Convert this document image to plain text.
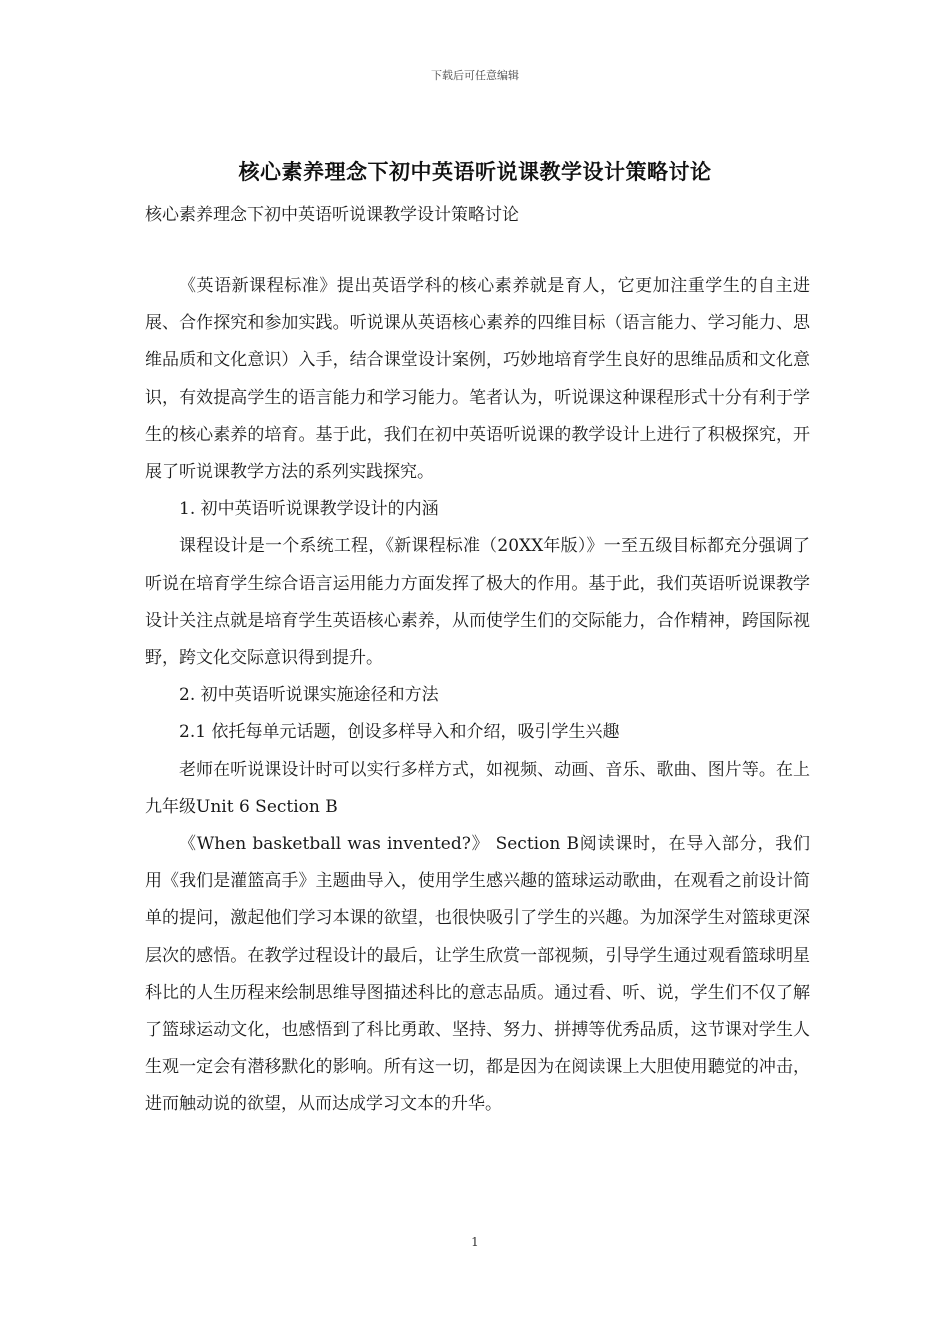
下载后可任意编辑
核心素养理念下初中英语听说课教学设计策略讨论
核心素养理念下初中英语听说课教学设计策略讨论

《英语新课程标准》提出英语学科的核心素养就是育人，它更加注重学生的自主进展、合作探究和参加实践。听说课从英语核心素养的四维目标（语言能力、学习能力、思维品质和文化意识）入手，结合课堂设计案例，巧妙地培育学生良好的思维品质和文化意识，有效提高学生的语言能力和学习能力。笔者认为，听说课这种课程形式十分有利于学生的核心素养的培育。基于此，我们在初中英语听说课的教学设计上进行了积极探究，开展了听说课教学方法的系列实践探究。

1. 初中英语听说课教学设计的内涵

课程设计是一个系统工程，《新课程标准（20XX年版）》一至五级目标都充分强调了听说在培育学生综合语言运用能力方面发挥了极大的作用。基于此，我们英语听说课教学设计关注点就是培育学生英语核心素养，从而使学生们的交际能力，合作精神，跨国际视野，跨文化交际意识得到提升。

2. 初中英语听说课实施途径和方法

2.1 依托每单元话题，创设多样导入和介绍，吸引学生兴趣

老师在听说课设计时可以实行多样方式，如视频、动画、音乐、歌曲、图片等。在上九年级Unit 6 Section B

《When basketball was invented?》 Section B阅读课时，在导入部分，我们用《我们是灌篮高手》主题曲导入，使用学生感兴趣的篮球运动歌曲，在观看之前设计简单的提问，激起他们学习本课的欲望，也很快吸引了学生的兴趣。为加深学生对篮球更深层次的感悟。在教学过程设计的最后，让学生欣赏一部视频，引导学生通过观看篮球明星科比的人生历程来绘制思维导图描述科比的意志品质。通过看、听、说，学生们不仅了解了篮球运动文化，也感悟到了科比勇敢、坚持、努力、拼搏等优秀品质，这节课对学生人生观一定会有潜移默化的影响。所有这一切，都是因为在阅读课上大胆使用聽觉的冲击，进而触动说的欲望，从而达成学习文本的升华。

1
